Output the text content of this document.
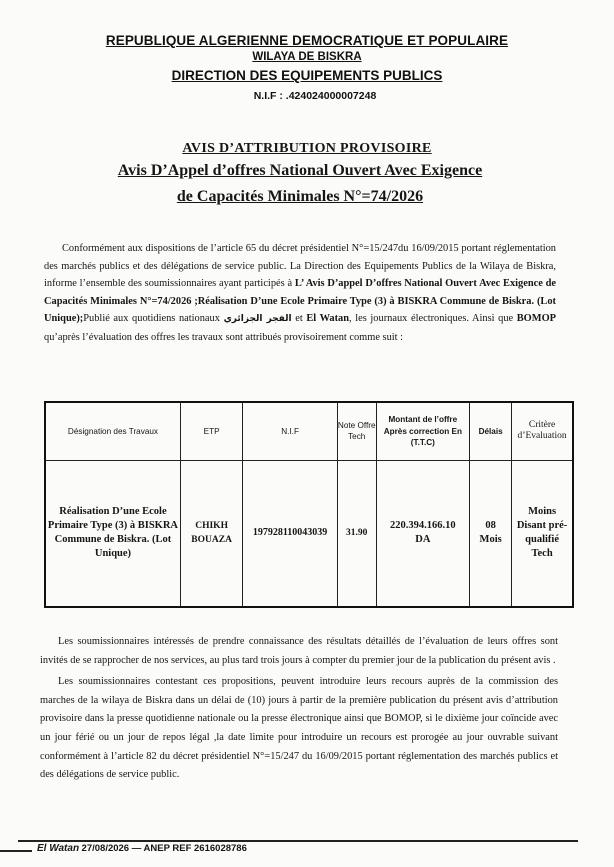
REPUBLIQUE ALGERIENNE DEMOCRATIQUE ET POPULAIRE
WILAYA DE BISKRA
DIRECTION DES EQUIPEMENTS PUBLICS
N.I.F : .424024000007248
AVIS D’ATTRIBUTION PROVISOIRE
Avis D’Appel d’offres National Ouvert Avec Exigence
de Capacités Minimales N°=74/2026
Conformément aux dispositions de l’article 65 du décret présidentiel N°=15/247du 16/09/2015 portant réglementation des marchés publics et des délégations de service public. La Direction des Equipements Publics de la Wilaya de Biskra, informe l’ensemble des soumissionnaires ayant participés à L’ Avis D’appel D’offres National Ouvert Avec Exigence de Capacités Minimales N°=74/2026 ;Réalisation D’une Ecole Primaire Type (3) à BISKRA Commune de Biskra. (Lot Unique);Publié aux quotidiens nationaux الفجر الجزائري et El Watan, les journaux électroniques. Ainsi que BOMOP qu’après l’évaluation des offres les travaux sont attribués provisoirement comme suit :
Désignation des Travaux	ETP	N.I.F	Note Offre Tech	Montant de l’offre Après correction En (T.T.C)	Délais	Critère d’Evaluation
Réalisation D’une Ecole Primaire Type (3) à BISKRA Commune de Biskra. (Lot Unique)	CHIKH BOUAZA	197928110043039	31.90	220.394.166.10 DA	08 Mois	Moins Disant pré-qualifié Tech

Les soumissionnaires intéressés de prendre connaissance des résultats détaillés de l’évaluation de leurs offres sont invités de se rapprocher de nos services, au plus tard trois jours à compter du premier jour de la publication du présent avis .

Les soumissionnaires contestant ces propositions, peuvent introduire leurs recours auprès de la commission des marches de la wilaya de Biskra dans un délai de (10) jours à partir de la première publication du présent avis d’attribution provisoire dans la presse quotidienne nationale ou la presse électronique ainsi que BOMOP, si le dixième jour coïncide avec un jour férié ou un jour de repos légal ,la date limite pour introduire un recours est prorogée au jour ouvrable suivant conformément à l’article 82 du décret présidentiel N°=15/247 du 16/09/2015 portant réglementation des marchés publics et des délégations de service public.

El Watan 27/08/2026 — ANEP REF 2616028786
